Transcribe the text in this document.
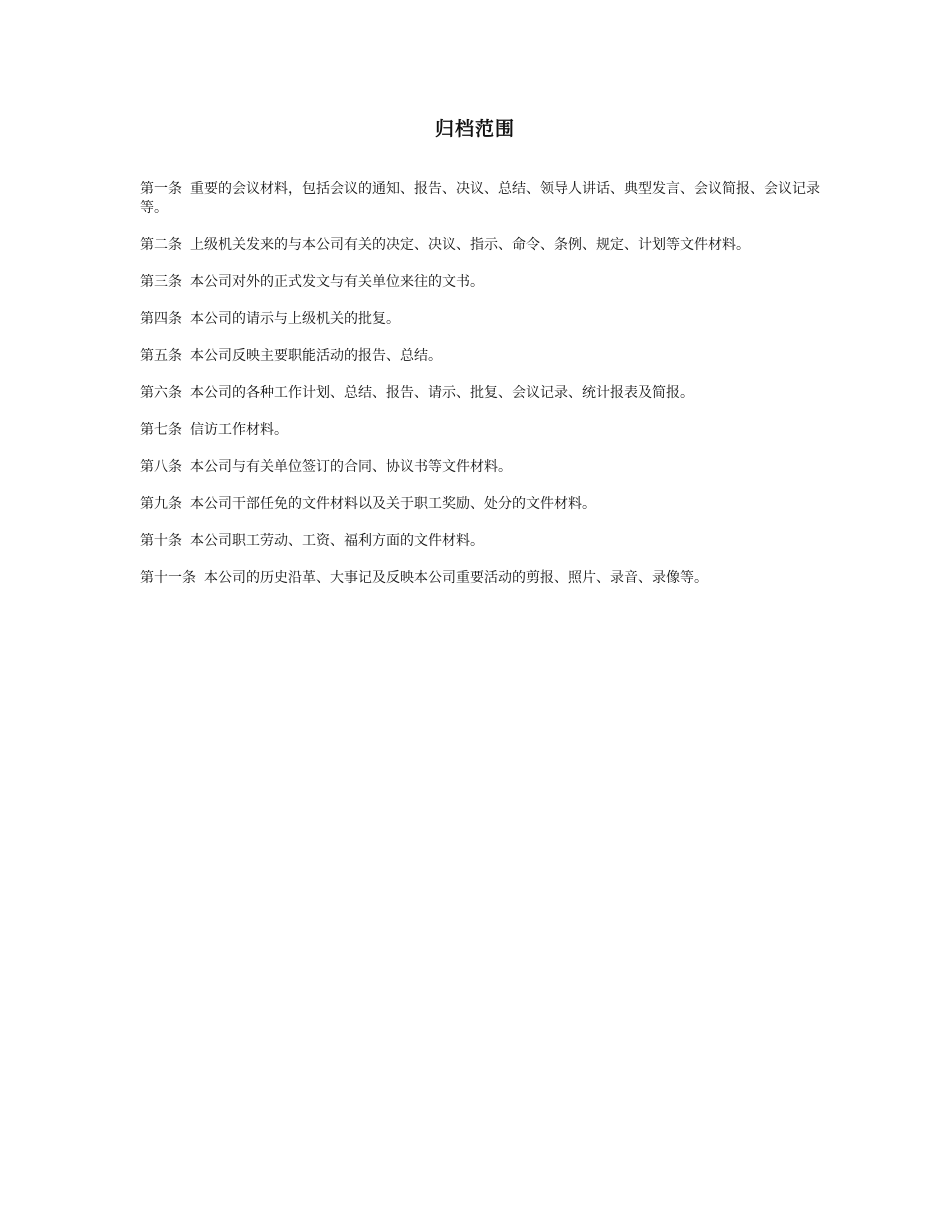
归档范围
第一条 重要的会议材料，包括会议的通知、报告、决议、总结、领导人讲话、典型发言、会议简报、会议记录等。
第二条 上级机关发来的与本公司有关的决定、决议、指示、命令、条例、规定、计划等文件材料。
第三条 本公司对外的正式发文与有关单位来往的文书。
第四条 本公司的请示与上级机关的批复。
第五条 本公司反映主要职能活动的报告、总结。
第六条 本公司的各种工作计划、总结、报告、请示、批复、会议记录、统计报表及简报。
第七条 信访工作材料。
第八条 本公司与有关单位签订的合同、协议书等文件材料。
第九条 本公司干部任免的文件材料以及关于职工奖励、处分的文件材料。
第十条 本公司职工劳动、工资、福利方面的文件材料。
第十一条 本公司的历史沿革、大事记及反映本公司重要活动的剪报、照片、录音、录像等。
